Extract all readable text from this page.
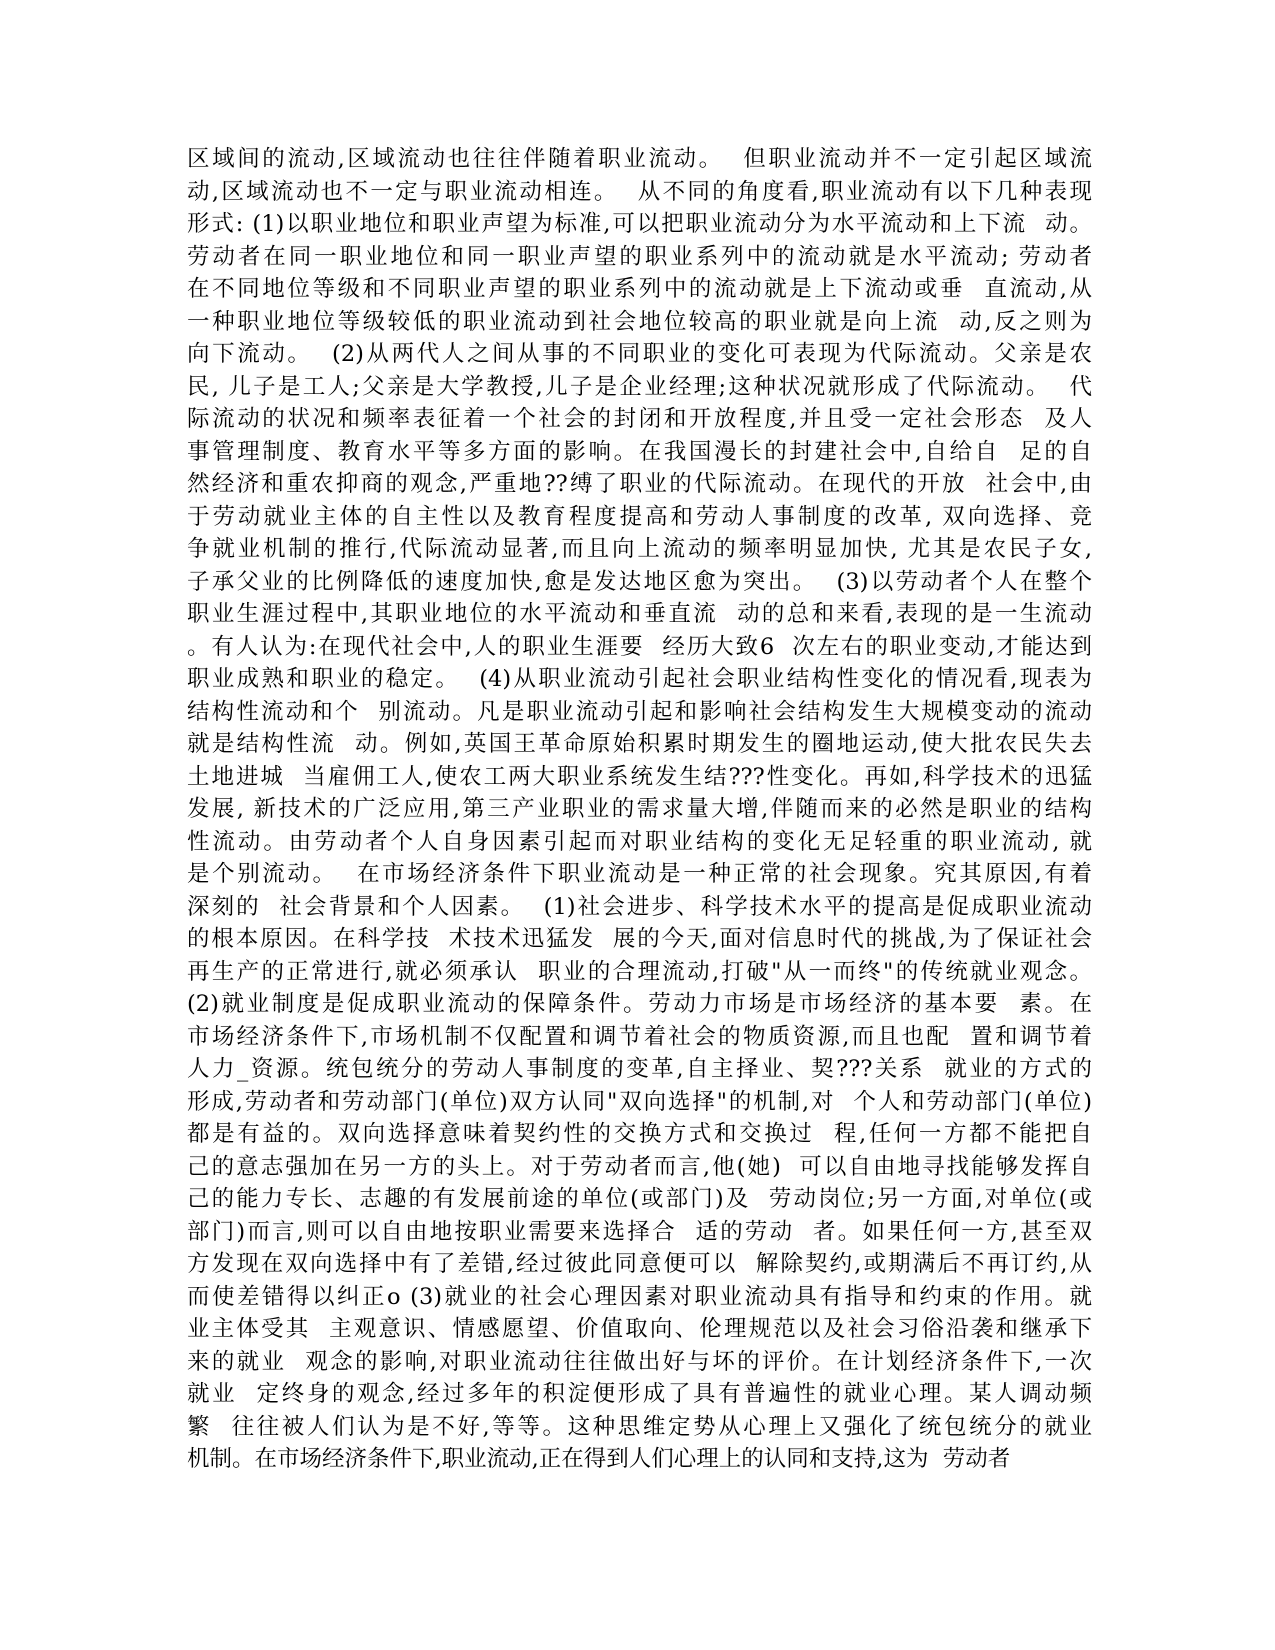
区域间的流动,区域流动也往往伴随着职业流动。  但职业流动并不一定引起区域流
动,区域流动也不一定与职业流动相连。  从不同的角度看,职业流动有以下几种表现
形式: (1)以职业地位和职业声望为标准,可以把职业流动分为水平流动和上下流  动。
劳动者在同一职业地位和同一职业声望的职业系列中的流动就是水平流动; 劳动者
在不同地位等级和不同职业声望的职业系列中的流动就是上下流动或垂  直流动,从
一种职业地位等级较低的职业流动到社会地位较高的职业就是向上流  动,反之则为
向下流动。  (2)从两代人之间从事的不同职业的变化可表现为代际流动。父亲是农
民, 儿子是工人;父亲是大学教授,儿子是企业经理;这种状况就形成了代际流动。  代
际流动的状况和频率表征着一个社会的封闭和开放程度,并且受一定社会形态  及人
事管理制度、教育水平等多方面的影响。在我国漫长的封建社会中,自给自  足的自
然经济和重农抑商的观念,严重地??缚了职业的代际流动。在现代的开放  社会中,由
于劳动就业主体的自主性以及教育程度提高和劳动人事制度的改革, 双向选择、竞
争就业机制的推行,代际流动显著,而且向上流动的频率明显加快, 尤其是农民子女,
子承父业的比例降低的速度加快,愈是发达地区愈为突出。  (3)以劳动者个人在整个
职业生涯过程中,其职业地位的水平流动和垂直流  动的总和来看,表现的是一生流动
。有人认为:在现代社会中,人的职业生涯要  经历大致6  次左右的职业变动,才能达到
职业成熟和职业的稳定。  (4)从职业流动引起社会职业结构性变化的情况看,现表为
结构性流动和个  别流动。凡是职业流动引起和影响社会结构发生大规模变动的流动
就是结构性流  动。例如,英国王革命原始积累时期发生的圈地运动,使大批农民失去
土地进城  当雇佣工人,使农工两大职业系统发生结???性变化。再如,科学技术的迅猛
发展, 新技术的广泛应用,第三产业职业的需求量大增,伴随而来的必然是职业的结构
性流动。由劳动者个人自身因素引起而对职业结构的变化无足轻重的职业流动, 就
是个别流动。  在市场经济条件下职业流动是一种正常的社会现象。究其原因,有着
深刻的  社会背景和个人因素。  (1)社会进步、科学技术水平的提高是促成职业流动
的根本原因。在科学技  术技术迅猛发  展的今天,面对信息时代的挑战,为了保证社会
再生产的正常进行,就必须承认  职业的合理流动,打破"从一而终"的传统就业观念。
(2)就业制度是促成职业流动的保障条件。劳动力市场是市场经济的基本要  素。在
市场经济条件下,市场机制不仅配置和调节着社会的物质资源,而且也配  置和调节着
人力_资源。统包统分的劳动人事制度的变革,自主择业、契???关系  就业的方式的
形成,劳动者和劳动部门(单位)双方认同"双向选择"的机制,对  个人和劳动部门(单位)
都是有益的。双向选择意味着契约性的交换方式和交换过  程,任何一方都不能把自
己的意志强加在另一方的头上。对于劳动者而言,他(她)  可以自由地寻找能够发挥自
己的能力专长、志趣的有发展前途的单位(或部门)及  劳动岗位;另一方面,对单位(或
部门)而言,则可以自由地按职业需要来选择合  适的劳动  者。如果任何一方,甚至双
方发现在双向选择中有了差错,经过彼此同意便可以  解除契约,或期满后不再订约,从
而使差错得以纠正o (3)就业的社会心理因素对职业流动具有指导和约束的作用。就
业主体受其  主观意识、情感愿望、价值取向、伦理规范以及社会习俗沿袭和继承下
来的就业  观念的影响,对职业流动往往做出好与坏的评价。在计划经济条件下,一次
就业  定终身的观念,经过多年的积淀便形成了具有普遍性的就业心理。某人调动频
繁  往往被人们认为是不好,等等。这种思维定势从心理上又强化了统包统分的就业
机制。在市场经济条件下,职业流动,正在得到人们心理上的认同和支持,这为  劳动者
